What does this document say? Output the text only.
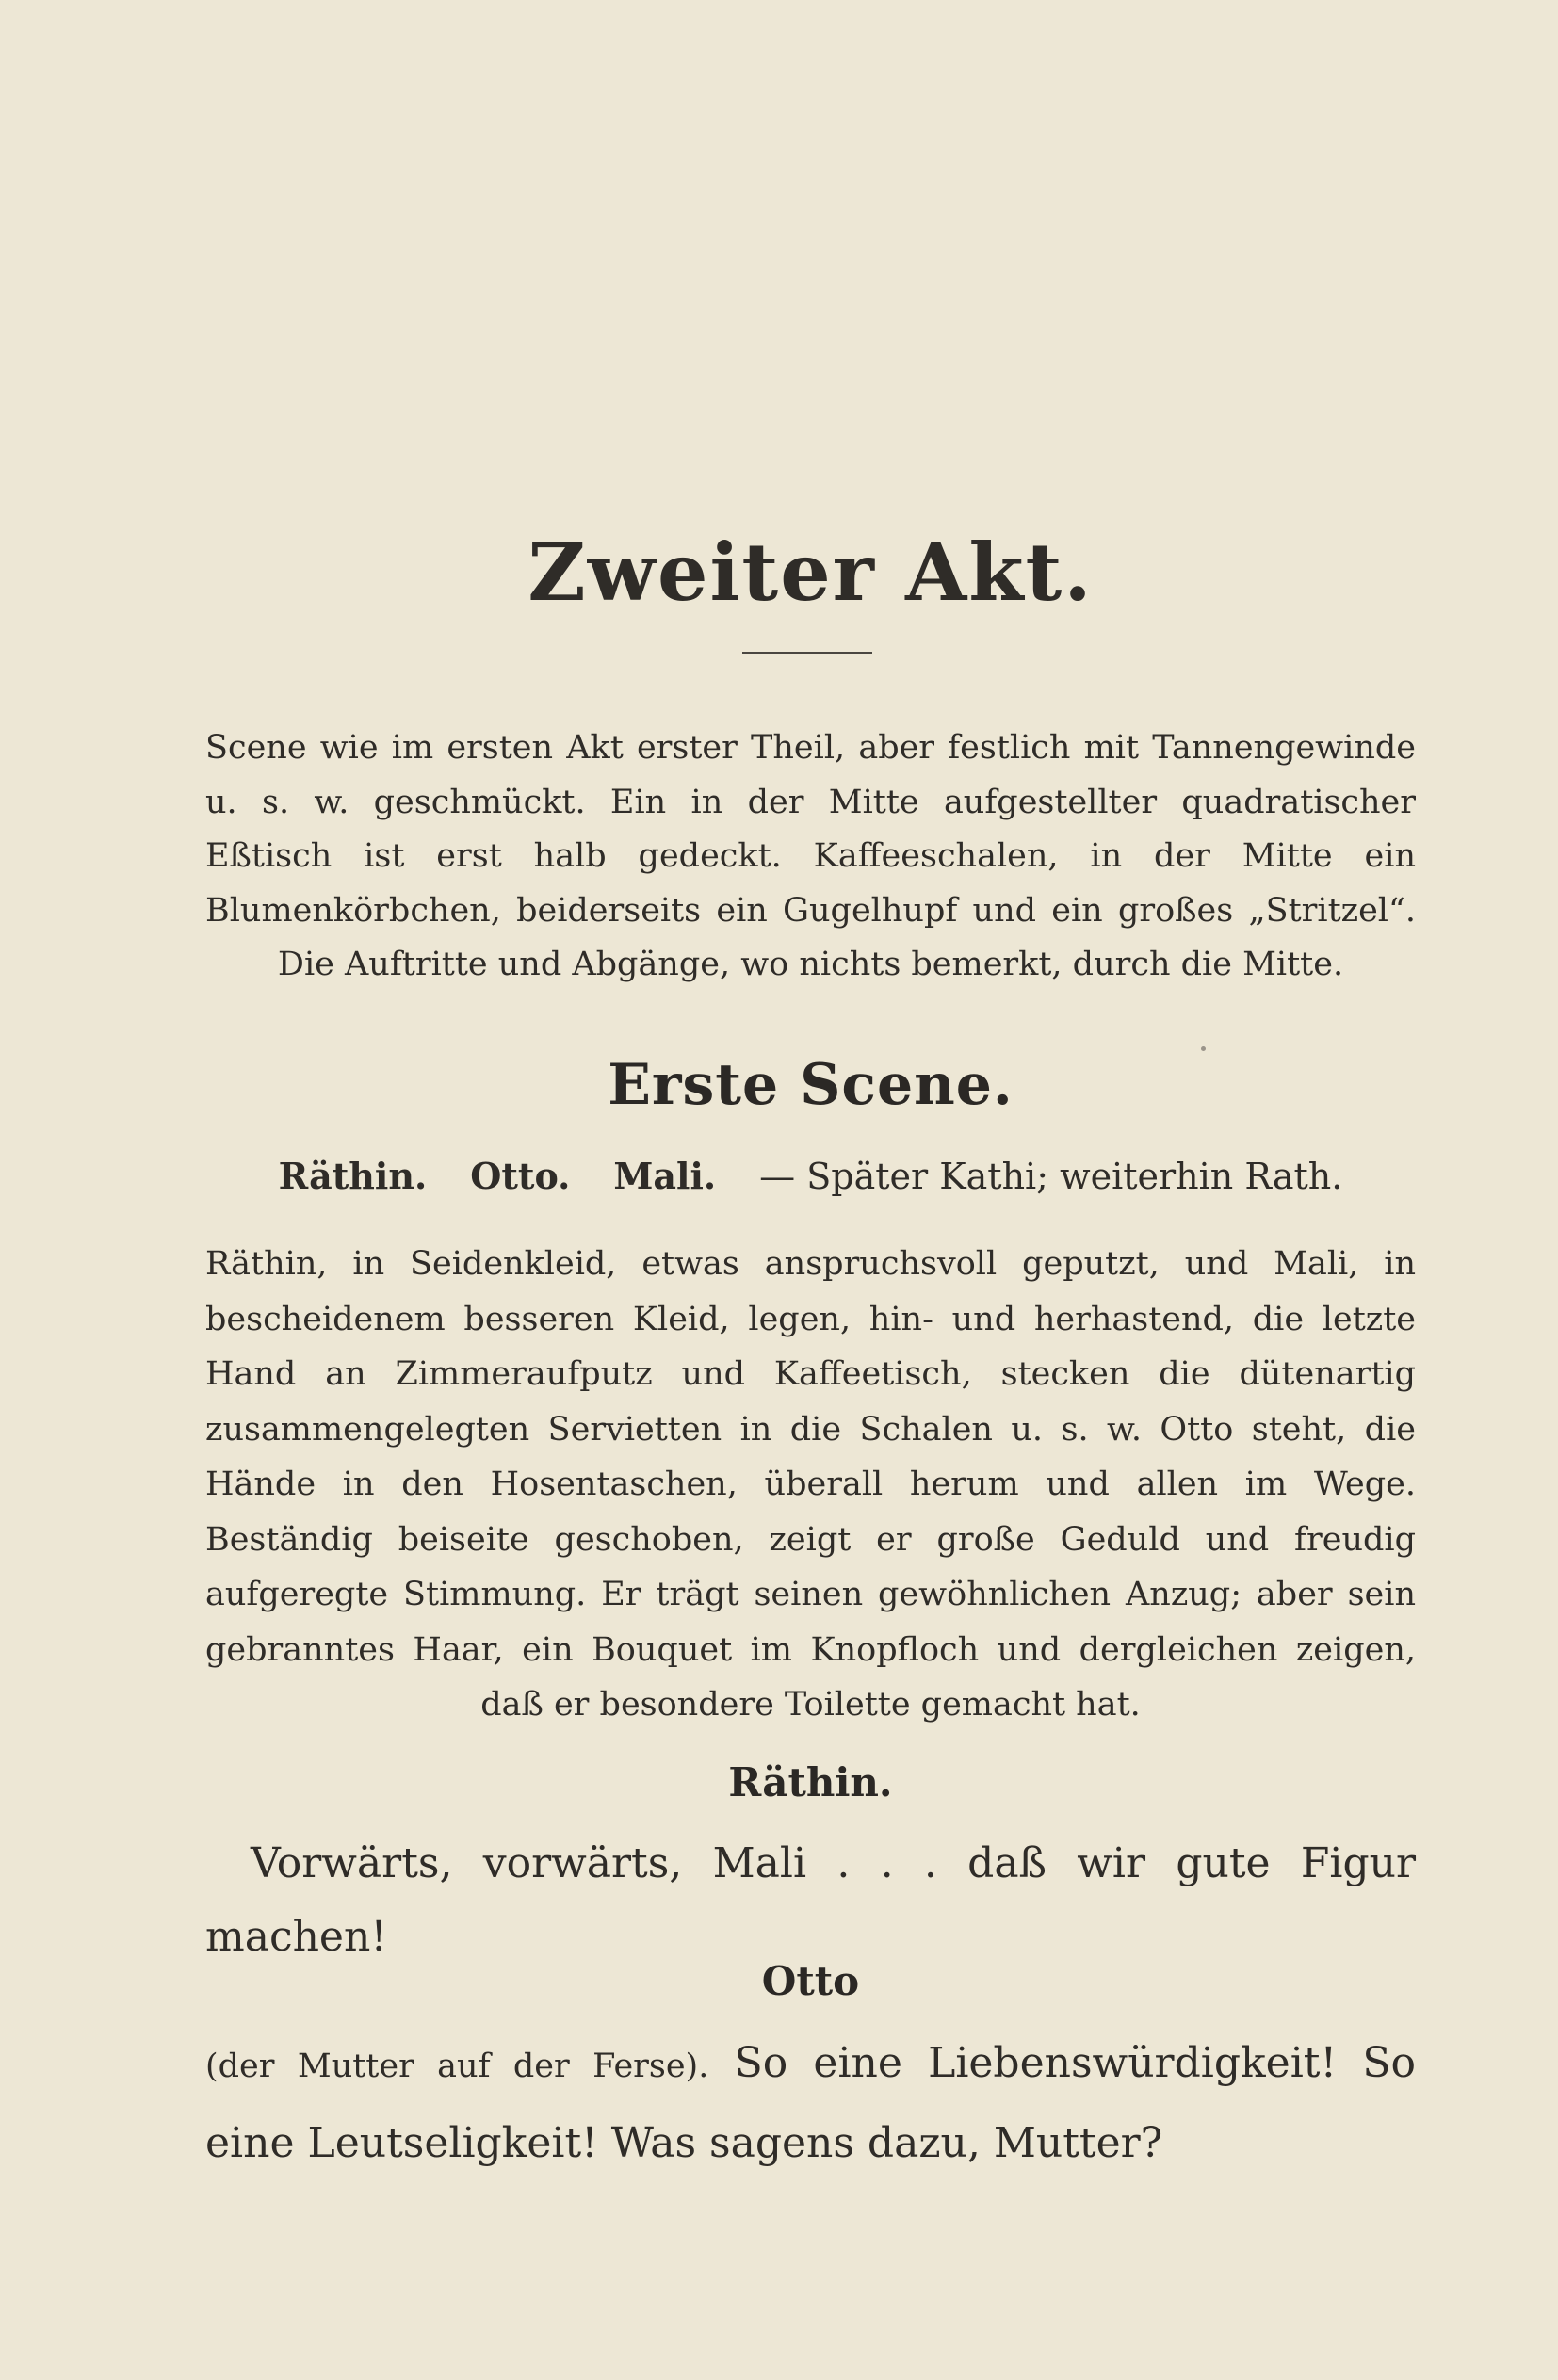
Zweiter Akt.

Scene wie im ersten Akt erster Theil, aber festlich mit Tannengewinde u. s. w. geschmückt. Ein in der Mitte aufgestellter quadratischer Eßtisch ist erst halb gedeckt. Kaffeeschalen, in der Mitte ein Blumenkörbchen, beiderseits ein Gugelhupf und ein großes „Stritzel“. Die Auftritte und Abgänge, wo nichts bemerkt, durch die Mitte.

Erste Scene.
Räthin. Otto. Mali. — Später Kathi; weiterhin Rath.

Räthin, in Seidenkleid, etwas anspruchsvoll geputzt, und Mali, in bescheidenem besseren Kleid, legen, hin- und herhastend, die letzte Hand an Zimmeraufputz und Kaffeetisch, stecken die dütenartig zusammengelegten Servietten in die Schalen u. s. w. Otto steht, die Hände in den Hosentaschen, überall herum und allen im Wege. Beständig beiseite geschoben, zeigt er große Geduld und freudig aufgeregte Stimmung. Er trägt seinen gewöhnlichen Anzug; aber sein gebranntes Haar, ein Bouquet im Knopfloch und dergleichen zeigen, daß er besondere Toilette gemacht hat.

Räthin.

Vorwärts, vorwärts, Mali . . . daß wir gute Figur machen!

Otto

(der Mutter auf der Ferse). So eine Liebenswürdigkeit! So eine Leutseligkeit! Was sagens dazu, Mutter?
